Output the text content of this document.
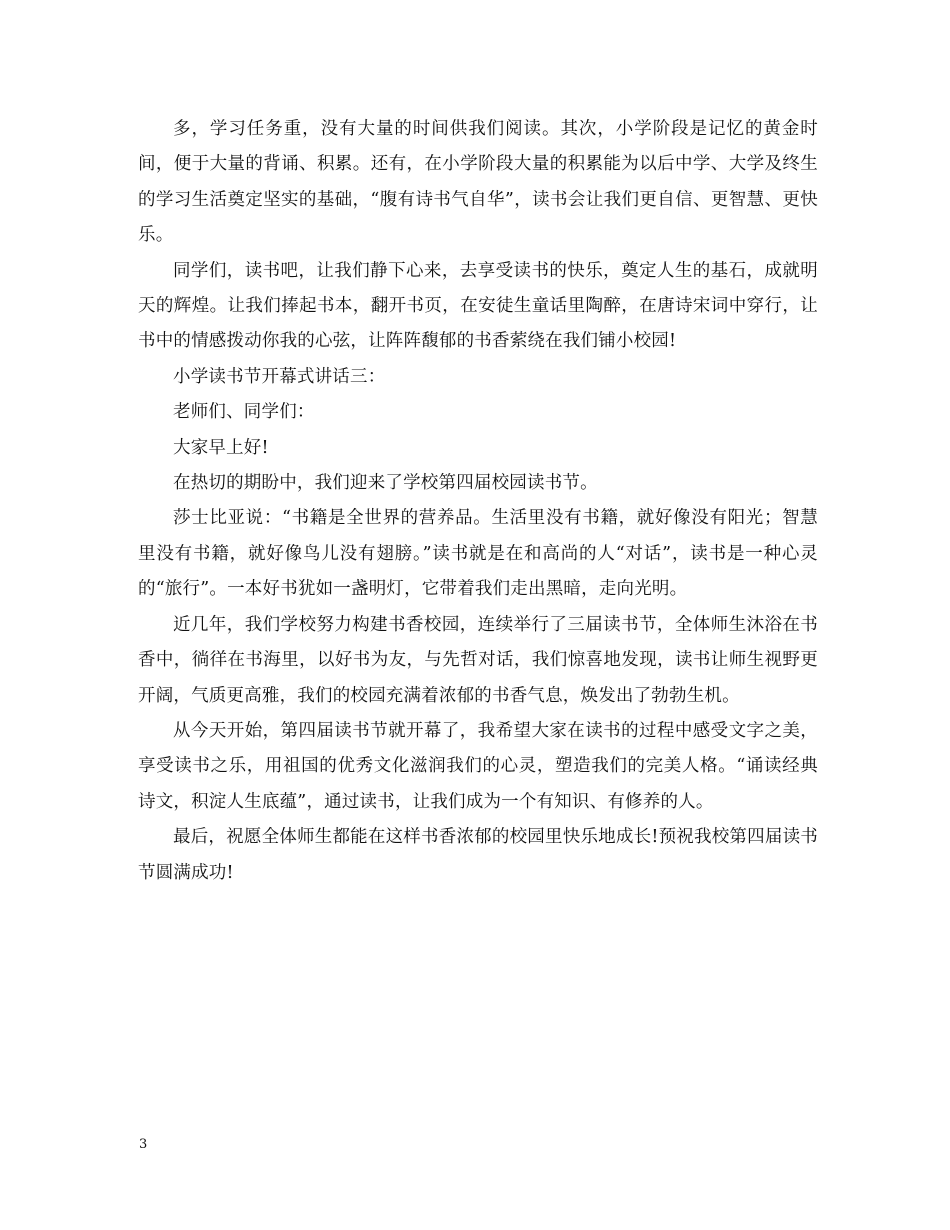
多，学习任务重，没有大量的时间供我们阅读。其次，小学阶段是记忆的黄金时间，便于大量的背诵、积累。还有，在小学阶段大量的积累能为以后中学、大学及终生的学习生活奠定坚实的基础，“腹有诗书气自华”，读书会让我们更自信、更智慧、更快乐。

同学们，读书吧，让我们静下心来，去享受读书的快乐，奠定人生的基石，成就明天的辉煌。让我们捧起书本，翻开书页，在安徒生童话里陶醉，在唐诗宋词中穿行，让书中的情感拨动你我的心弦，让阵阵馥郁的书香萦绕在我们铺小校园!

小学读书节开幕式讲话三：

老师们、同学们：

大家早上好!

在热切的期盼中，我们迎来了学校第四届校园读书节。

莎士比亚说：“书籍是全世界的营养品。生活里没有书籍，就好像没有阳光；智慧里没有书籍，就好像鸟儿没有翅膀。”读书就是在和高尚的人“对话”，读书是一种心灵的“旅行”。一本好书犹如一盏明灯，它带着我们走出黑暗，走向光明。

近几年，我们学校努力构建书香校园，连续举行了三届读书节，全体师生沐浴在书香中，徜徉在书海里，以好书为友，与先哲对话，我们惊喜地发现，读书让师生视野更开阔，气质更高雅，我们的校园充满着浓郁的书香气息，焕发出了勃勃生机。

从今天开始，第四届读书节就开幕了，我希望大家在读书的过程中感受文字之美，享受读书之乐，用祖国的优秀文化滋润我们的心灵，塑造我们的完美人格。“诵读经典诗文，积淀人生底蕴”，通过读书，让我们成为一个有知识、有修养的人。

最后，祝愿全体师生都能在这样书香浓郁的校园里快乐地成长!预祝我校第四届读书节圆满成功!

3
